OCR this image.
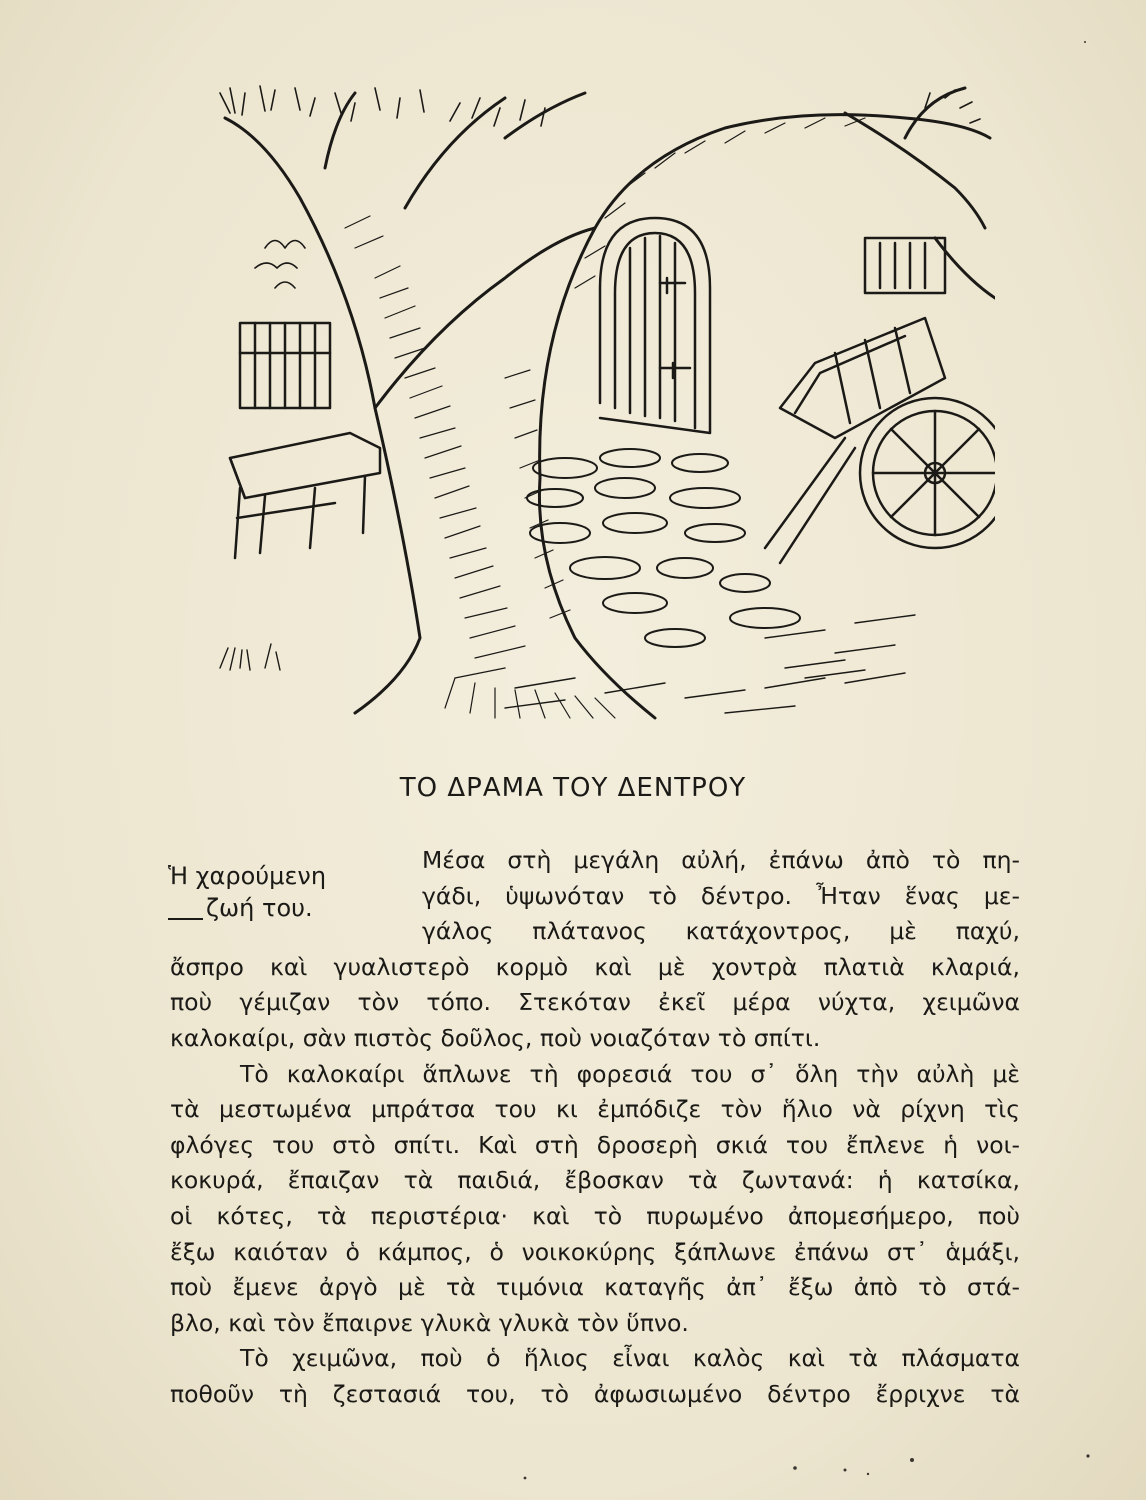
ΤΟ ΔΡΑΜΑ ΤΟΥ ΔΕΝΤΡΟΥ
Ἡ χαρούμενη
ζωή του.
Μέσα στὴ μεγάλη αὐλή, ἐπάνω ἀπὸ τὸ πη-
γάδι, ὑψωνόταν τὸ δέντρο. Ἦταν ἕνας με-
γάλος πλάτανος κατάχοντρος, μὲ παχύ,
ἄσπρο καὶ γυαλιστερὸ κορμὸ καὶ μὲ χοντρὰ πλατιὰ κλαριά,
ποὺ γέμιζαν τὸν τόπο. Στεκόταν ἐκεῖ μέρα νύχτα, χειμῶνα
καλοκαίρι, σὰν πιστὸς δοῦλος, ποὺ νοιαζόταν τὸ σπίτι.
Τὸ καλοκαίρι ἅπλωνε τὴ φορεσιά του σ᾽ ὅλη τὴν αὐλὴ μὲ
τὰ μεστωμένα μπράτσα του κι ἐμπόδιζε τὸν ἥλιο νὰ ρίχνη τὶς
φλόγες του στὸ σπίτι. Καὶ στὴ δροσερὴ σκιά του ἔπλενε ἡ νοι-
κοκυρά, ἔπαιζαν τὰ παιδιά, ἔβοσκαν τὰ ζωντανά: ἡ κατσίκα,
οἱ κότες, τὰ περιστέρια· καὶ τὸ πυρωμένο ἀπομεσήμερο, ποὺ
ἔξω καιόταν ὁ κάμπος, ὁ νοικοκύρης ξάπλωνε ἐπάνω στ᾽ ἁμάξι,
ποὺ ἔμενε ἀργὸ μὲ τὰ τιμόνια καταγῆς ἀπ᾽ ἔξω ἀπὸ τὸ στά-
βλο, καὶ τὸν ἔπαιρνε γλυκὰ γλυκὰ τὸν ὕπνο.
Τὸ χειμῶνα, ποὺ ὁ ἥλιος εἶναι καλὸς καὶ τὰ πλάσματα
ποθοῦν τὴ ζεστασιά του, τὸ ἀφωσιωμένο δέντρο ἔρριχνε τὰ
